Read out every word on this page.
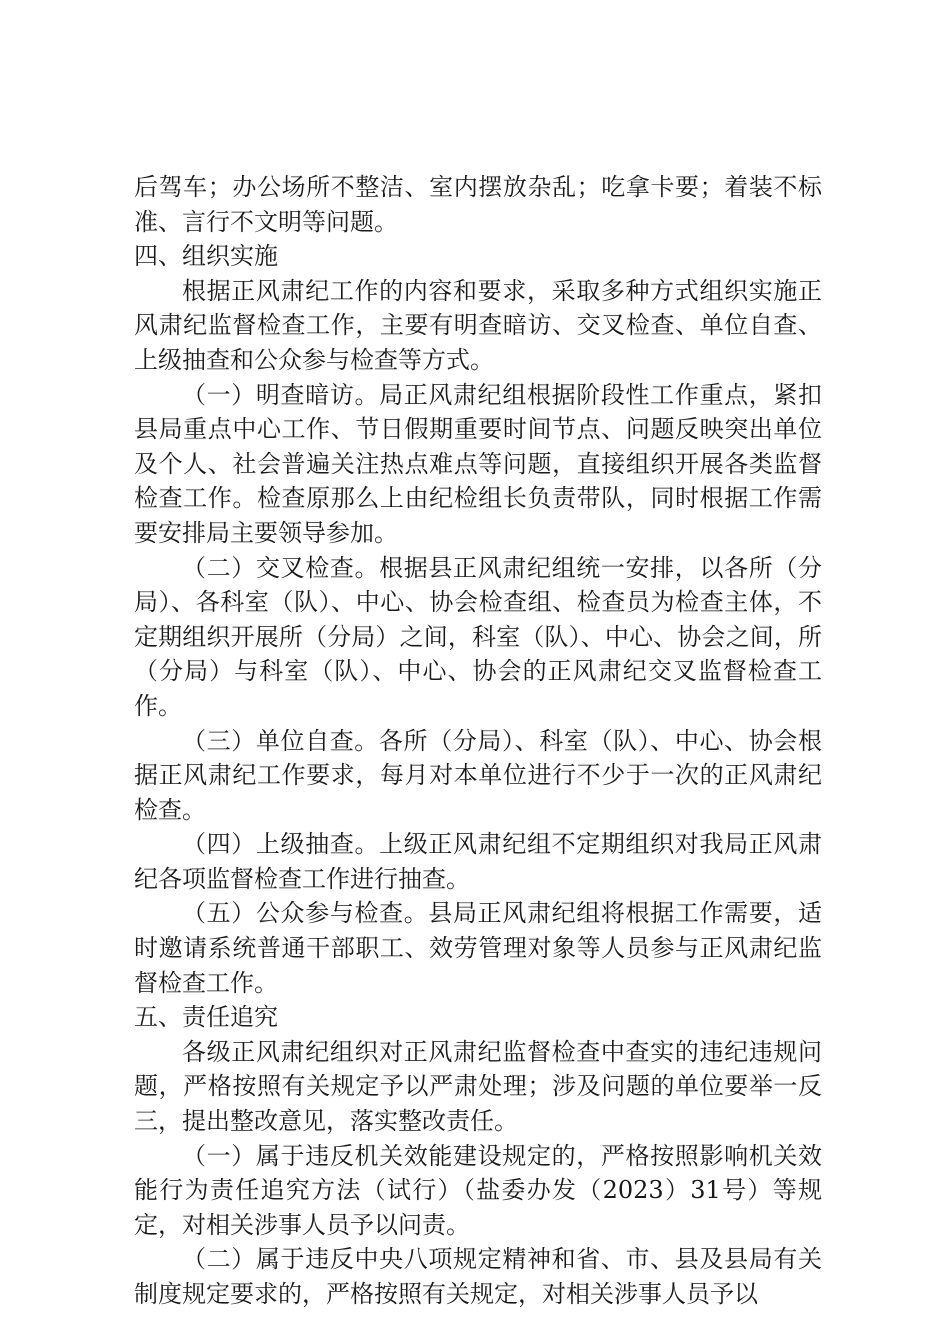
后驾车；办公场所不整洁、室内摆放杂乱；吃拿卡要；着装不标准、言行不文明等问题。

四、组织实施

根据正风肃纪工作的内容和要求，采取多种方式组织实施正风肃纪监督检查工作，主要有明查暗访、交叉检查、单位自查、上级抽查和公众参与检查等方式。

（一）明查暗访。局正风肃纪组根据阶段性工作重点，紧扣县局重点中心工作、节日假期重要时间节点、问题反映突出单位及个人、社会普遍关注热点难点等问题，直接组织开展各类监督检查工作。检查原那么上由纪检组长负责带队，同时根据工作需要安排局主要领导参加。

（二）交叉检查。根据县正风肃纪组统一安排，以各所（分局）、各科室（队）、中心、协会检查组、检查员为检查主体，不定期组织开展所（分局）之间，科室（队）、中心、协会之间，所（分局）与科室（队）、中心、协会的正风肃纪交叉监督检查工作。

（三）单位自查。各所（分局）、科室（队）、中心、协会根据正风肃纪工作要求，每月对本单位进行不少于一次的正风肃纪检查。

（四）上级抽查。上级正风肃纪组不定期组织对我局正风肃纪各项监督检查工作进行抽查。

（五）公众参与检查。县局正风肃纪组将根据工作需要，适时邀请系统普通干部职工、效劳管理对象等人员参与正风肃纪监督检查工作。

五、责任追究

各级正风肃纪组织对正风肃纪监督检查中查实的违纪违规问题，严格按照有关规定予以严肃处理；涉及问题的单位要举一反三，提出整改意见，落实整改责任。

（一）属于违反机关效能建设规定的，严格按照影响机关效能行为责任追究方法（试行）（盐委办发（2023）31号）等规定，对相关涉事人员予以问责。

（二）属于违反中央八项规定精神和省、市、县及县局有关制度规定要求的，严格按照有关规定，对相关涉事人员予以
